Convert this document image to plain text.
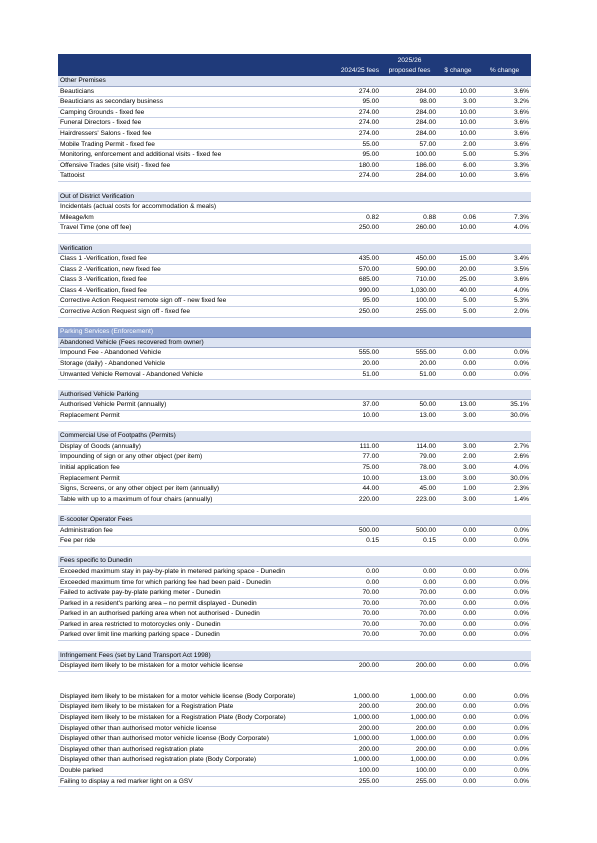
	2024/25 fees	2025/26 proposed fees	$ change	% change
Other Premises				
Beauticians	274.00	284.00	10.00	3.6%
Beauticians as secondary business	95.00	98.00	3.00	3.2%
Camping Grounds - fixed fee	274.00	284.00	10.00	3.6%
Funeral Directors - fixed fee	274.00	284.00	10.00	3.6%
Hairdressers' Salons - fixed fee	274.00	284.00	10.00	3.6%
Mobile Trading Permit - fixed fee	55.00	57.00	2.00	3.6%
Monitoring, enforcement and additional visits - fixed fee	95.00	100.00	5.00	5.3%
Offensive Trades (site visit) - fixed fee	180.00	186.00	6.00	3.3%
Tattooist	274.00	284.00	10.00	3.6%

Out of District Verification				
Incidentals (actual costs for accommodation & meals)				
Mileage/km	0.82	0.88	0.06	7.3%
Travel Time (one off fee)	250.00	260.00	10.00	4.0%

Verification				
Class 1 -Verification, fixed fee	435.00	450.00	15.00	3.4%
Class 2 -Verification, new fixed fee	570.00	590.00	20.00	3.5%
Class 3 -Verification, fixed fee	685.00	710.00	25.00	3.6%
Class 4 -Verification, fixed fee	990.00	1,030.00	40.00	4.0%
Corrective Action Request remote sign off - new fixed fee	95.00	100.00	5.00	5.3%
Corrective Action Request sign off - fixed fee	250.00	255.00	5.00	2.0%

Parking Services (Enforcement)				
Abandoned Vehicle (Fees recovered from owner)				
Impound Fee - Abandoned Vehicle	555.00	555.00	0.00	0.0%
Storage (daily) - Abandoned Vehicle	20.00	20.00	0.00	0.0%
Unwanted Vehicle Removal - Abandoned Vehicle	51.00	51.00	0.00	0.0%

Authorised Vehicle Parking				
Authorised Vehicle Permit (annually)	37.00	50.00	13.00	35.1%
Replacement Permit	10.00	13.00	3.00	30.0%

Commercial Use of Footpaths (Permits)				
Display of Goods (annually)	111.00	114.00	3.00	2.7%
Impounding of sign or any other object (per item)	77.00	79.00	2.00	2.6%
Initial application fee	75.00	78.00	3.00	4.0%
Replacement Permit	10.00	13.00	3.00	30.0%
Signs, Screens, or any other object per item (annually)	44.00	45.00	1.00	2.3%
Table with up to a maximum of four chairs (annually)	220.00	223.00	3.00	1.4%

E-scooter Operator Fees				
Administration fee	500.00	500.00	0.00	0.0%
Fee per ride	0.15	0.15	0.00	0.0%

Fees specific to Dunedin				
Exceeded maximum stay in pay-by-plate in metered parking space - Dunedin	0.00	0.00	0.00	0.0%
Exceeded maximum time for which parking fee had been paid - Dunedin	0.00	0.00	0.00	0.0%
Failed to activate pay-by-plate parking meter - Dunedin	70.00	70.00	0.00	0.0%
Parked in a resident's parking area – no permit displayed - Dunedin	70.00	70.00	0.00	0.0%
Parked in an authorised parking area when not authorised - Dunedin	70.00	70.00	0.00	0.0%
Parked in area restricted to motorcycles only - Dunedin	70.00	70.00	0.00	0.0%
Parked over limit line marking parking space - Dunedin	70.00	70.00	0.00	0.0%

Infringement Fees (set by Land Transport Act 1998)				
Displayed item likely to be mistaken for a motor vehicle license	200.00	200.00	0.00	0.0%

Displayed item likely to be mistaken for a motor vehicle license (Body Corporate)	1,000.00	1,000.00	0.00	0.0%
Displayed item likely to be mistaken for a Registration Plate	200.00	200.00	0.00	0.0%
Displayed item likely to be mistaken for a Registration Plate (Body Corporate)	1,000.00	1,000.00	0.00	0.0%
Displayed other than authorised motor vehicle license	200.00	200.00	0.00	0.0%
Displayed other than authorised motor vehicle license (Body Corporate)	1,000.00	1,000.00	0.00	0.0%
Displayed other than authorised registration plate	200.00	200.00	0.00	0.0%
Displayed other than authorised registration plate (Body Corporate)	1,000.00	1,000.00	0.00	0.0%
Double parked	100.00	100.00	0.00	0.0%
Failing to display a red marker light on a GSV	255.00	255.00	0.00	0.0%
